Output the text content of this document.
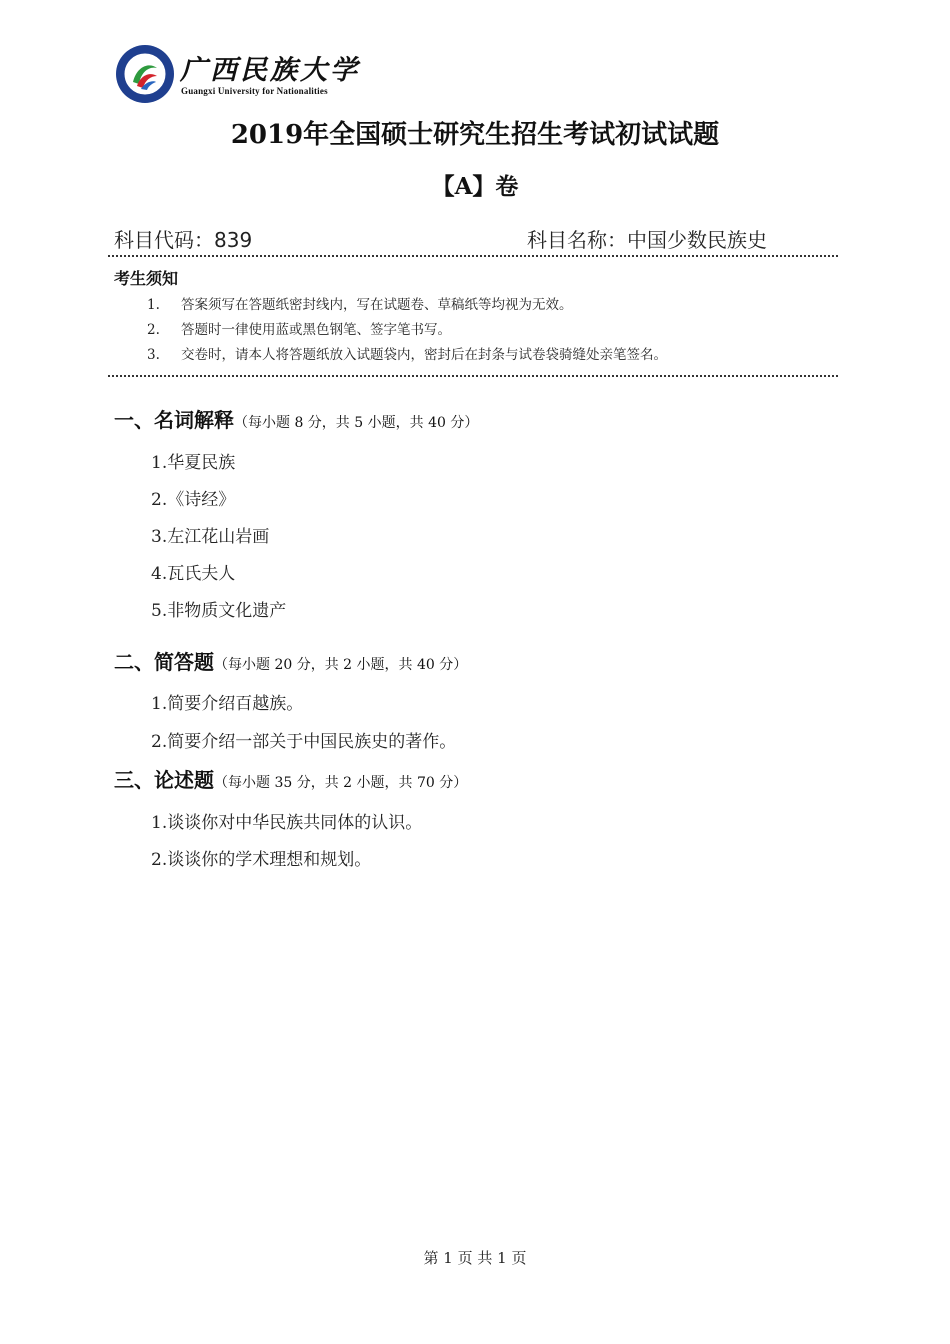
广西民族大学
Guangxi University for Nationalities
2019年全国硕士研究生招生考试初试试题
【A】卷
科目代码：839	科目名称：中国少数民族史
考生须知
1. 答案须写在答题纸密封线内，写在试题卷、草稿纸等均视为无效。
2. 答题时一律使用蓝或黑色钢笔、签字笔书写。
3. 交卷时，请本人将答题纸放入试题袋内，密封后在封条与试卷袋骑缝处亲笔签名。
一、名词解释（每小题 8 分，共 5 小题，共 40 分）
1.华夏民族
2.《诗经》
3.左江花山岩画
4.瓦氏夫人
5.非物质文化遗产
二、简答题（每小题 20 分，共 2 小题，共 40 分）
1.简要介绍百越族。
2.简要介绍一部关于中国民族史的著作。
三、论述题（每小题 35 分，共 2 小题，共 70 分）
1.谈谈你对中华民族共同体的认识。
2.谈谈你的学术理想和规划。
第 1 页 共 1 页
